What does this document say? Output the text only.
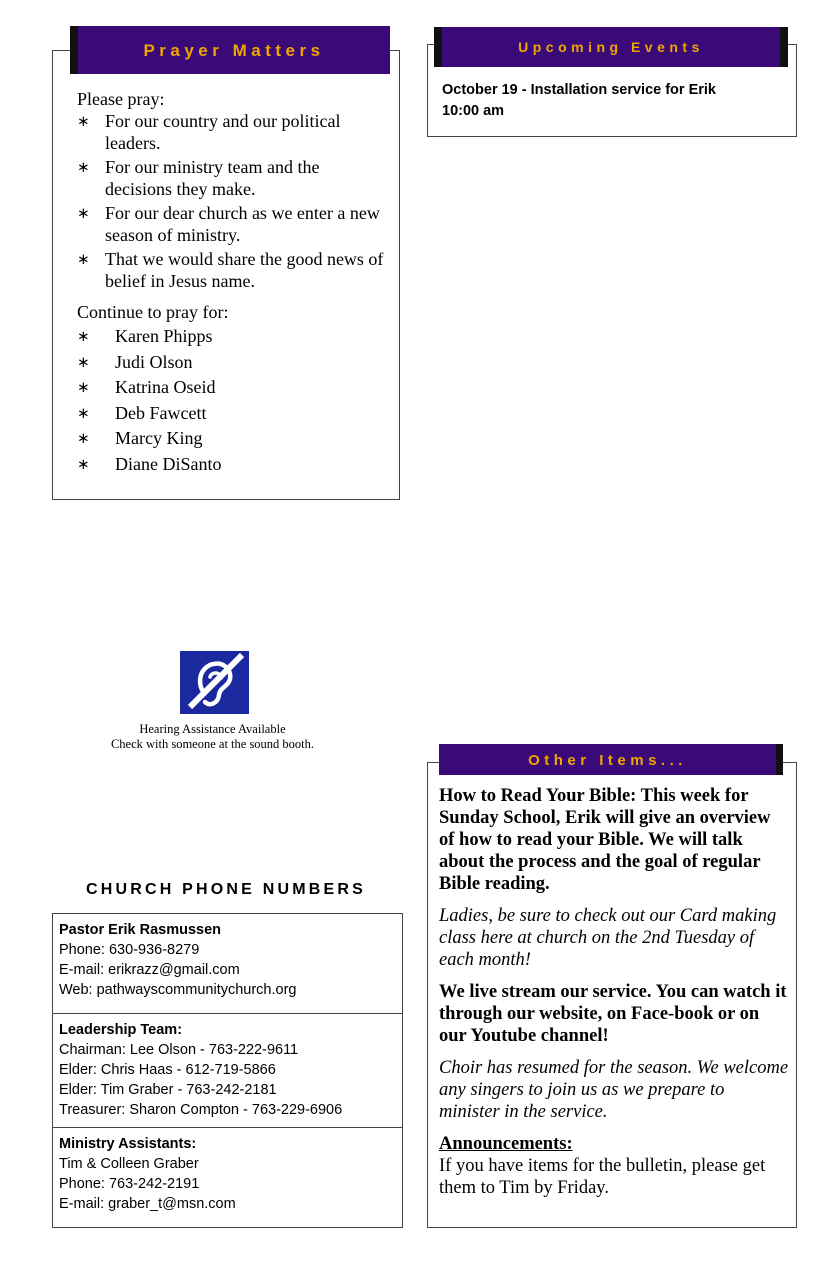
Prayer Matters
Please pray:
∗ For our country and our political leaders.
∗ For our ministry team and the decisions they make.
∗ For our dear church as we enter a new season of ministry.
∗ That we would share the good news of belief in Jesus name.
Continue to pray for:
∗ Karen Phipps
∗ Judi Olson
∗ Katrina Oseid
∗ Deb Fawcett
∗ Marcy King
∗ Diane DiSanto
Upcoming Events
October 19 - Installation service for Erik
10:00 am
Hearing Assistance Available
Check with someone at the sound booth.
CHURCH PHONE NUMBERS
Pastor Erik Rasmussen
Phone: 630-936-8279
E-mail: erikrazz@gmail.com
Web: pathwayscommunitychurch.org
Leadership Team:
Chairman: Lee Olson - 763-222-9611
Elder: Chris Haas - 612-719-5866
Elder: Tim Graber - 763-242-2181
Treasurer: Sharon Compton - 763-229-6906
Ministry Assistants:
Tim & Colleen Graber
Phone: 763-242-2191
E-mail: graber_t@msn.com
Other Items...

How to Read Your Bible: This week for Sunday School, Erik will give an overview of how to read your Bible. We will talk about the process and the goal of regular Bible reading.

Ladies, be sure to check out our Card making class here at church on the 2nd Tuesday of each month!

We live stream our service. You can watch it through our website, on Face-book or on our Youtube channel!

Choir has resumed for the season. We welcome any singers to join us as we prepare to minister in the service.

Announcements:
If you have items for the bulletin, please get them to Tim by Friday.
